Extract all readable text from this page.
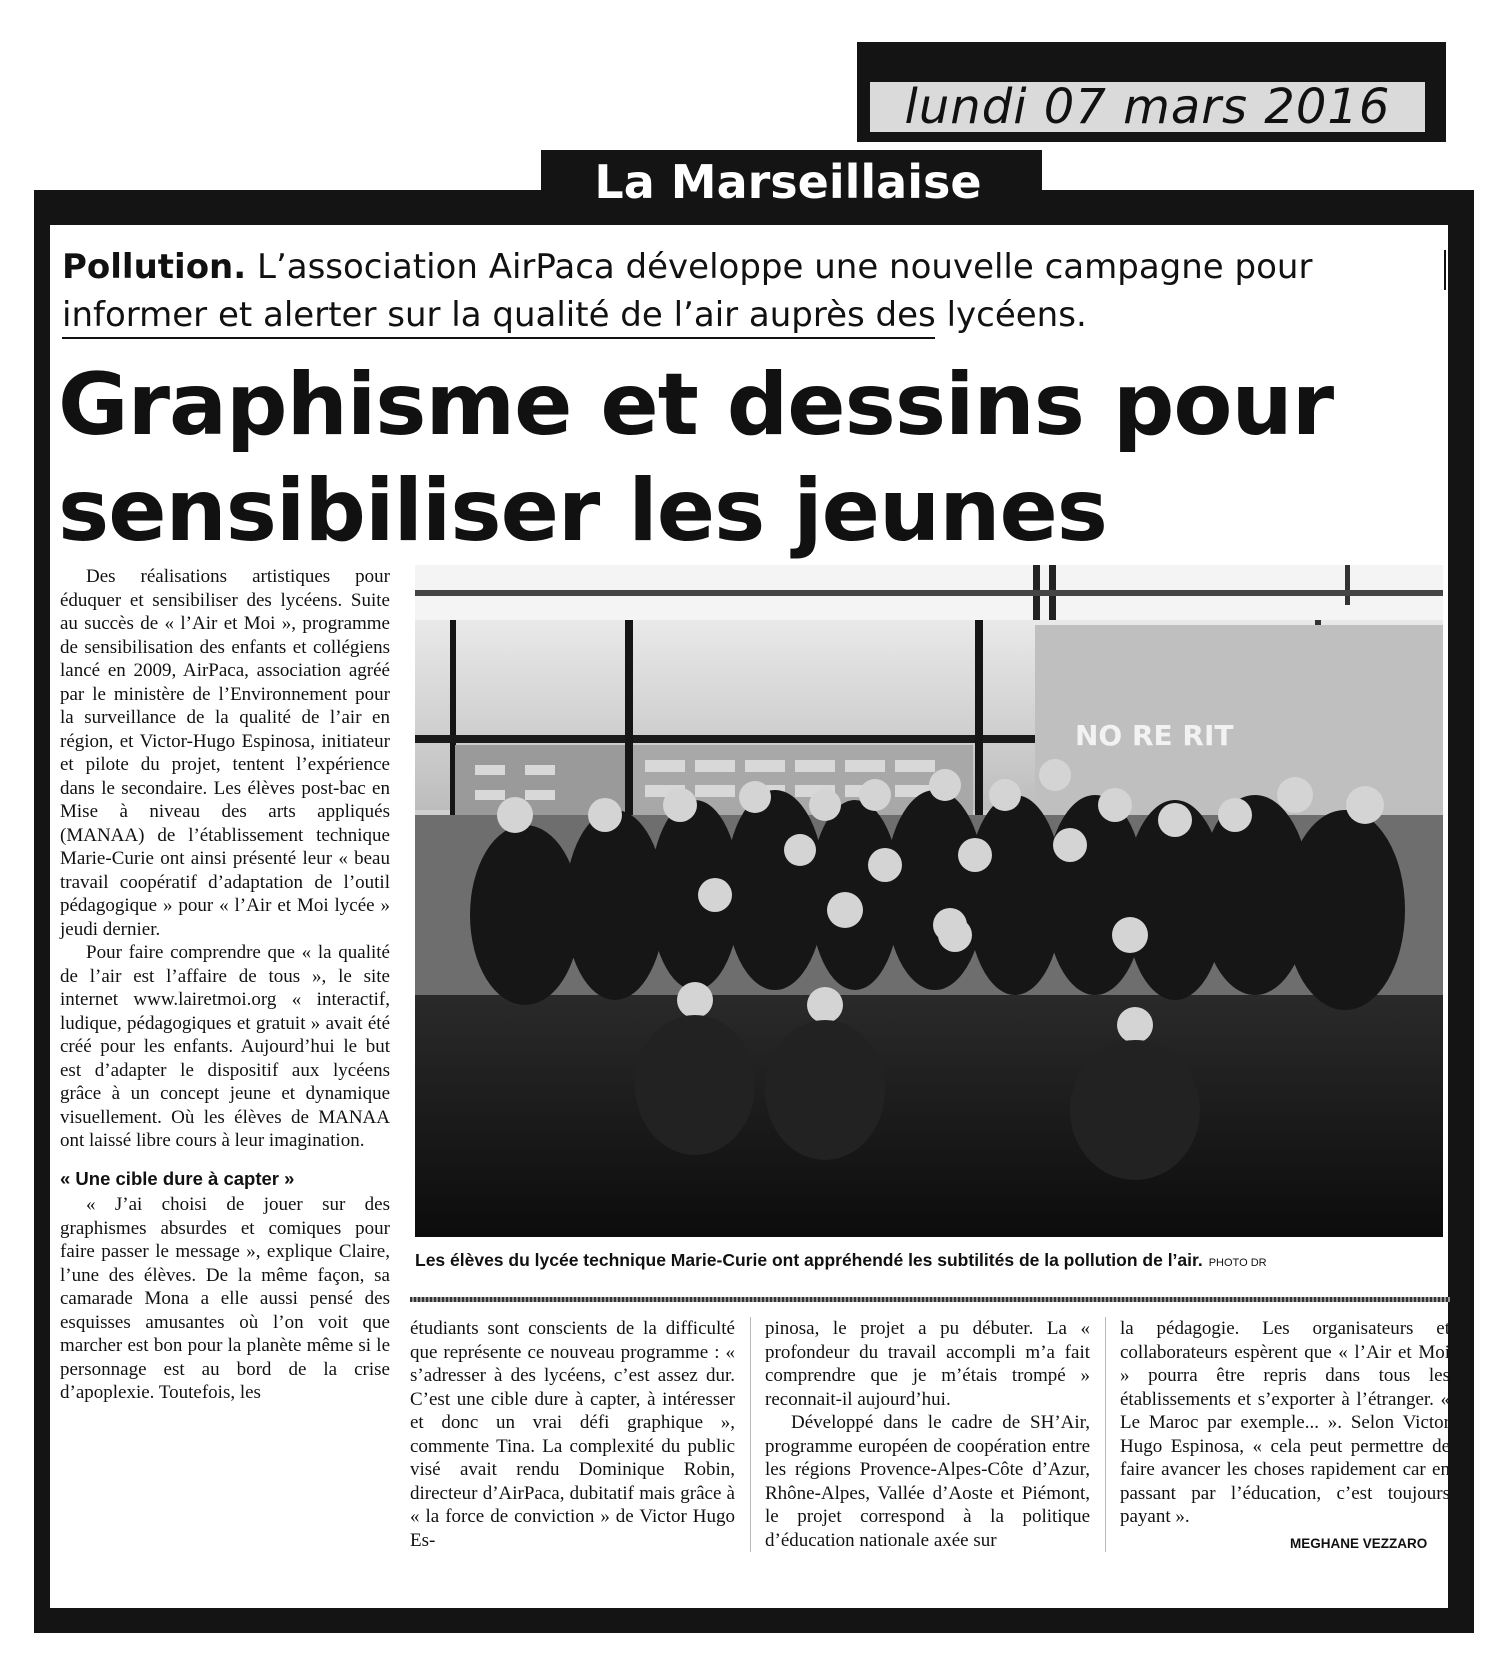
lundi 07 mars 2016
La Marseillaise
Pollution. L’association AirPaca développe une nouvelle campagne pour informer et alerter sur la qualité de l’air auprès des lycéens.
Graphisme et dessins pour
sensibiliser les jeunes

Des réalisations artistiques pour éduquer et sensibiliser des lycéens. Suite au succès de « l’Air et Moi », programme de sensibilisation des enfants et collégiens lancé en 2009, AirPaca, association agréé par le ministère de l’Environnement pour la surveillance de la qualité de l’air en région, et Victor-Hugo Espinosa, initiateur et pilote du projet, tentent l’expérience dans le secondaire. Les élèves post-bac en Mise à niveau des arts appliqués (MANAA) de l’établissement technique Marie-Curie ont ainsi présenté leur « beau travail coopératif d’adaptation de l’outil pédagogique » pour « l’Air et Moi lycée » jeudi dernier.

Pour faire comprendre que « la qualité de l’air est l’affaire de tous », le site internet www.lairetmoi.org « interactif, ludique, pédagogiques et gratuit » avait été créé pour les enfants. Aujourd’hui le but est d’adapter le dispositif aux lycéens grâce à un concept jeune et dynamique visuellement. Où les élèves de MANAA ont laissé libre cours à leur imagination.

« Une cible dure à capter »

« J’ai choisi de jouer sur des graphismes absurdes et comiques pour faire passer le message », explique Claire, l’une des élèves. De la même façon, sa camarade Mona a elle aussi pensé des esquisses amusantes où l’on voit que marcher est bon pour la planète même si le personnage est au bord de la crise d’apoplexie. Toutefois, les

NO RE RIT
Les élèves du lycée technique Marie-Curie ont appréhendé les subtilités de la pollution de l’air. PHOTO DR

étudiants sont conscients de la difficulté que représente ce nouveau programme : « s’adresser à des lycéens, c’est assez dur. C’est une cible dure à capter, à intéresser et donc un vrai défi graphique », commente Tina. La complexité du public visé avait rendu Dominique Robin, directeur d’AirPaca, dubitatif mais grâce à « la force de conviction » de Victor Hugo Es-

pinosa, le projet a pu débuter. La « profondeur du travail accompli m’a fait comprendre que je m’étais trompé » reconnait-il aujourd’hui.

Développé dans le cadre de SH’Air, programme européen de coopération entre les régions Provence-Alpes-Côte d’Azur, Rhône-Alpes, Vallée d’Aoste et Piémont, le projet correspond à la politique d’éducation nationale axée sur

la pédagogie. Les organisateurs et collaborateurs espèrent que « l’Air et Moi » pourra être repris dans tous les établissements et s’exporter à l’étranger. « Le Maroc par exemple... ». Selon Victor Hugo Espinosa, « cela peut permettre de faire avancer les choses rapidement car en passant par l’éducation, c’est toujours payant ».

MEGHANE VEZZARO
